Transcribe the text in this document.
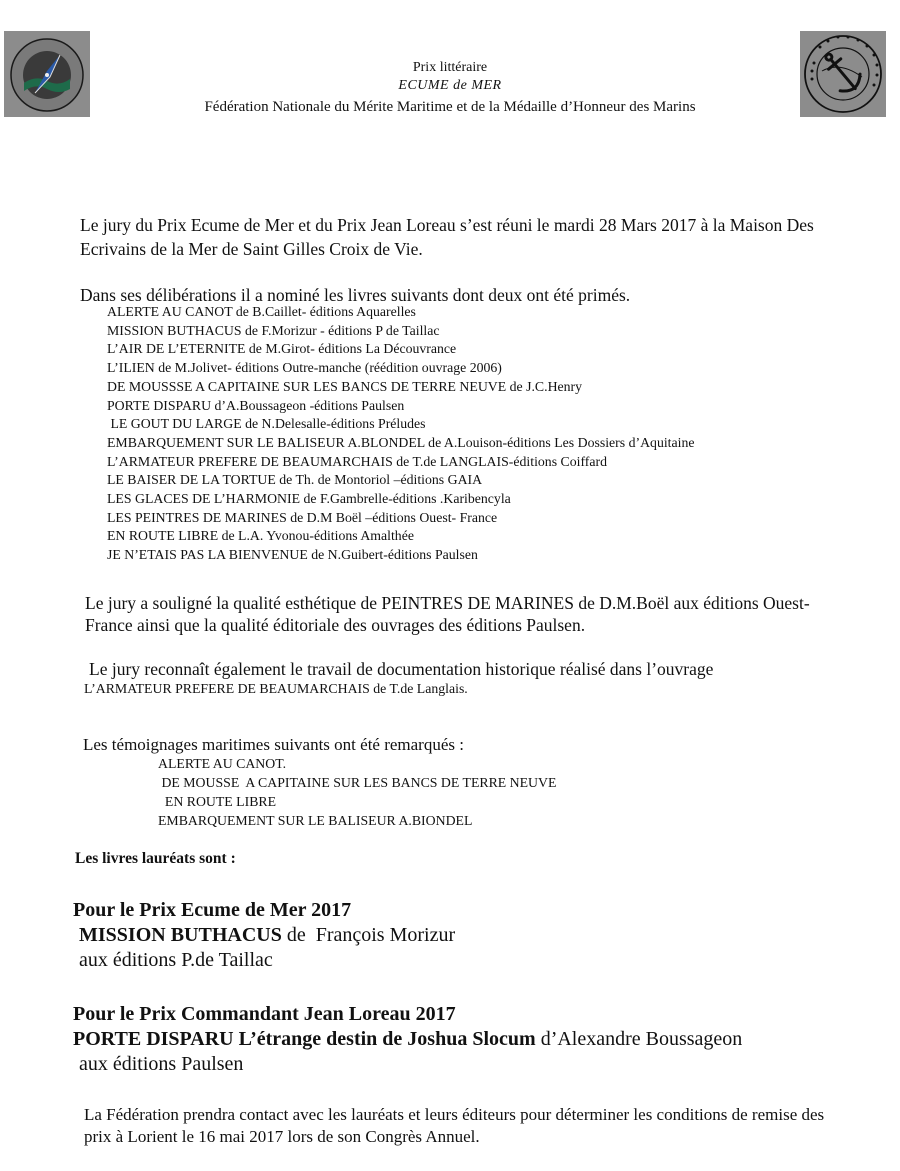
Prix littéraire
ECUME de MER
Fédération Nationale du Mérite Maritime et de la Médaille d’Honneur des Marins
Le jury du Prix Ecume de Mer et du Prix Jean Loreau s’est réuni le mardi 28 Mars 2017 à la Maison Des Ecrivains de la Mer de Saint Gilles Croix de Vie.
Dans ses délibérations il a nominé les livres suivants dont deux ont été primés.
ALERTE AU CANOT de B.Caillet- éditions Aquarelles
MISSION BUTHACUS de F.Morizur - éditions P de Taillac
L’AIR DE L’ETERNITE de M.Girot- éditions La Découvrance
L’ILIEN de M.Jolivet- éditions Outre-manche (réédition ouvrage 2006)
DE MOUSSSE A CAPITAINE SUR LES BANCS DE TERRE NEUVE de J.C.Henry
PORTE DISPARU d’A.Boussageon -éditions Paulsen
LE GOUT DU LARGE de N.Delesalle-éditions Préludes
EMBARQUEMENT SUR LE BALISEUR A.BLONDEL de A.Louison-éditions Les Dossiers d’Aquitaine
L’ARMATEUR PREFERE DE BEAUMARCHAIS de T.de LANGLAIS-éditions Coiffard
LE BAISER DE LA TORTUE de Th. de Montoriol –éditions GAIA
LES GLACES DE L’HARMONIE de F.Gambrelle-éditions .Karibencyla
LES PEINTRES DE MARINES de D.M Boël –éditions Ouest- France
EN ROUTE LIBRE de L.A. Yvonou-éditions Amalthée
JE N’ETAIS PAS LA BIENVENUE de N.Guibert-éditions Paulsen
Le jury a souligné la qualité esthétique de PEINTRES DE MARINES de D.M.Boël aux éditions Ouest-France ainsi que la qualité éditoriale des ouvrages des éditions Paulsen.
Le jury reconnaît également le travail de documentation historique réalisé dans l’ouvrage
L’ARMATEUR PREFERE DE BEAUMARCHAIS de T.de Langlais.
Les témoignages maritimes suivants ont été remarqués :
ALERTE AU CANOT.
DE MOUSSE  A CAPITAINE SUR LES BANCS DE TERRE NEUVE
EN ROUTE LIBRE
EMBARQUEMENT SUR LE BALISEUR A.BIONDEL
Les livres lauréats sont :
Pour le Prix Ecume de Mer 2017
MISSION BUTHACUS de  François Morizur
aux éditions P.de Taillac
Pour le Prix Commandant Jean Loreau 2017
PORTE DISPARU L’étrange destin de Joshua Slocum d’Alexandre Boussageon
aux éditions Paulsen
La Fédération prendra contact avec les lauréats et leurs éditeurs pour déterminer les conditions de remise des prix à Lorient le 16 mai 2017 lors de son Congrès Annuel.
